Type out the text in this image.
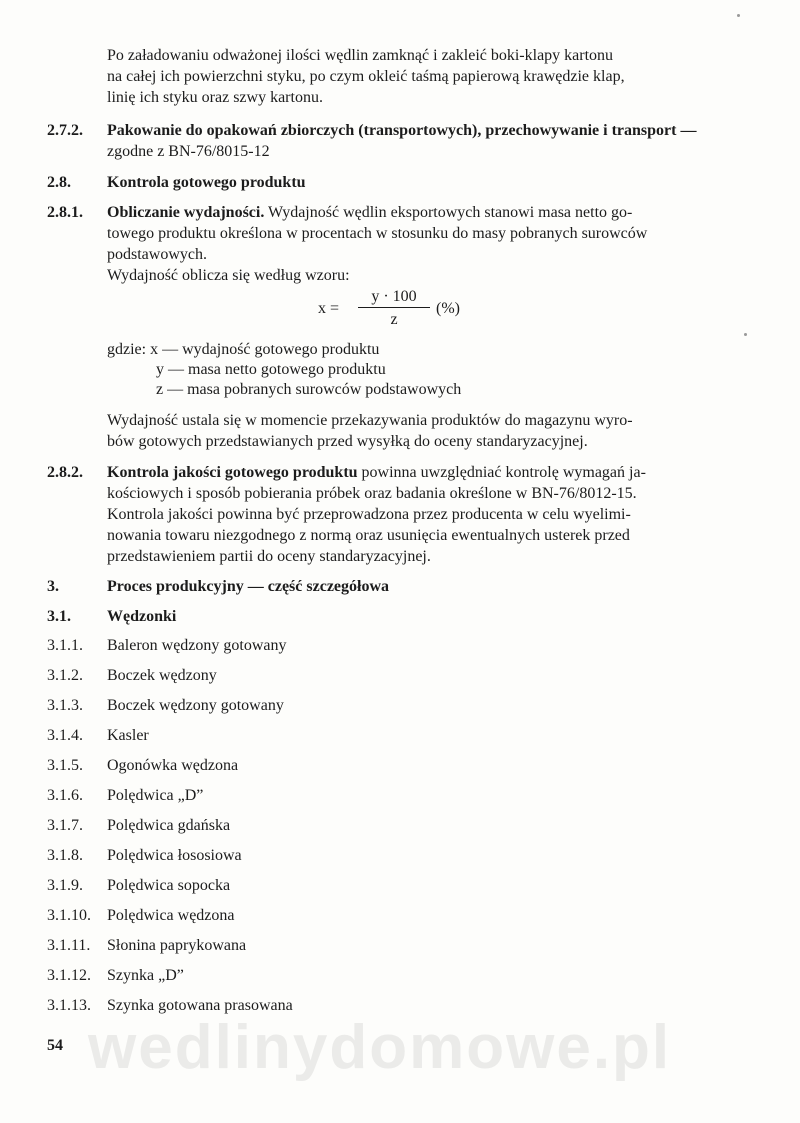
Po załadowaniu odważonej ilości wędlin zamknąć i zakleić boki-klapy kartonu
na całej ich powierzchni styku, po czym okleić taśmą papierową krawędzie klap,
linię ich styku oraz szwy kartonu.
2.7.2. Pakowanie do opakowań zbiorczych (transportowych), przechowywanie i transport —
zgodne z BN-76/8015-12
2.8. Kontrola gotowego produktu
2.8.1. Obliczanie wydajności. Wydajność wędlin eksportowych stanowi masa netto go-
towego produktu określona w procentach w stosunku do masy pobranych surowców
podstawowych.
Wydajność oblicza się według wzoru:
$x = \frac{y \cdot 100}{z}$ (%)
gdzie: x — wydajność gotowego produktu
y — masa netto gotowego produktu
z — masa pobranych surowców podstawowych
Wydajność ustala się w momencie przekazywania produktów do magazynu wyro-
bów gotowych przedstawianych przed wysyłką do oceny standaryzacyjnej.
2.8.2. Kontrola jakości gotowego produktu powinna uwzględniać kontrolę wymagań ja-
kościowych i sposób pobierania próbek oraz badania określone w BN-76/8012-15.
Kontrola jakości powinna być przeprowadzona przez producenta w celu wyelimi-
nowania towaru niezgodnego z normą oraz usunięcia ewentualnych usterek przed
przedstawieniem partii do oceny standaryzacyjnej.
3.	Proces produkcyjny — część szczegółowa
3.1. Wędzonki
3.1.1. Baleron wędzony gotowany
3.1.2. Boczek wędzony
3.1.3. Boczek wędzony gotowany
3.1.4. Kasler
3.1.5. Ogonówka wędzona
3.1.6. Polędwica „D”
3.1.7. Polędwica gdańska
3.1.8. Polędwica łososiowa
3.1.9. Polędwica sopocka
3.1.10. Polędwica wędzona
3.1.11. Słonina paprykowana
3.1.12. Szynka „D”
3.1.13. Szynka gotowana prasowana
wedlinydomowe.pl
54
